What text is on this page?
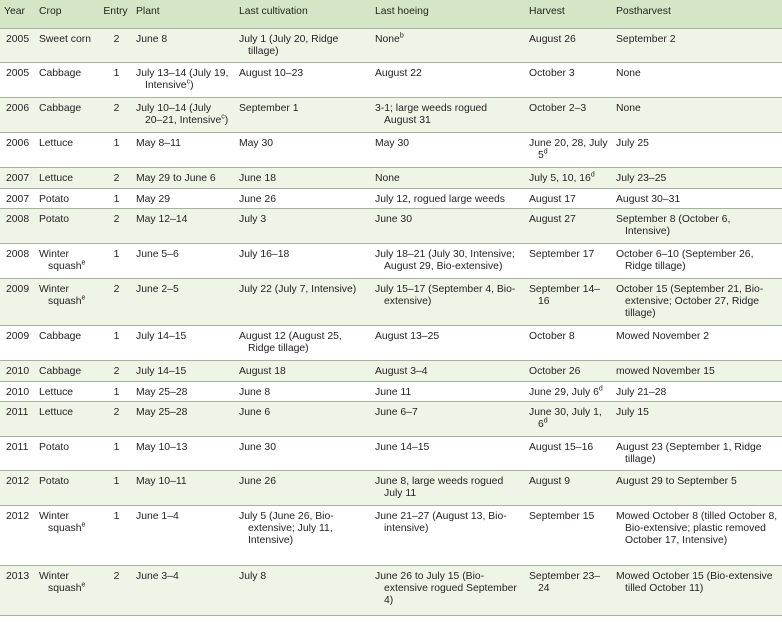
Year	Crop	Entry	Plant	Last cultivation	Last hoeing	Harvest	Postharvest

2005	Sweet corn	2	June 8	July 1 (July 20, Ridge tillage)	None$^b$	August 26	September 2

2005	Cabbage	1	July 13–14 (July 19, Intensive$^c$)	August 10–23	August 22	October 3	None

2006	Cabbage	2	July 10–14 (July 20–21, Intensive$^c$)	September 1	3-1; large weeds rogued August 31	October 2–3	None

2006	Lettuce	1	May 8–11	May 30	May 30	June 20, 28, July 5$^d$	July 25

2007	Lettuce	2	May 29 to June 6	June 18	None	July 5, 10, 16$^d$	July 23–25

2007	Potato	1	May 29	June 26	July 12, rogued large weeds	August 17	August 30–31

2008	Potato	2	May 12–14	July 3	June 30	August 27	September 8 (October 6, Intensive)

2008	Winter squash$^e$	1	June 5–6	July 16–18	July 18–21 (July 30, Intensive; August 29, Bio-extensive)	September 17	October 6–10 (September 26, Ridge tillage)

2009	Winter squash$^e$	2	June 2–5	July 22 (July 7, Intensive)	July 15–17 (September 4, Bio-extensive)	September 14–16	October 15 (September 21, Bio-extensive; October 27, Ridge tillage)

2009	Cabbage	1	July 14–15	August 12 (August 25, Ridge tillage)	August 13–25	October 8	Mowed November 2

2010	Cabbage	2	July 14–15	August 18	August 3–4	October 26	mowed November 15

2010	Lettuce	1	May 25–28	June 8	June 11	June 29, July 6$^d$	July 21–28

2011	Lettuce	2	May 25–28	June 6	June 6–7	June 30, July 1, 6$^d$	July 15

2011	Potato	1	May 10–13	June 30	June 14–15	August 15–16	August 23 (September 1, Ridge tillage)

2012	Potato	1	May 10–11	June 26	June 8, large weeds rogued July 11	August 9	August 29 to September 5

2012	Winter squash$^e$	1	June 1–4	July 5 (June 26, Bio-extensive; July 11, Intensive)	June 21–27 (August 13, Bio-intensive)	September 15	Mowed October 8 (tilled October 8, Bio-extensive; plastic removed October 17, Intensive)

2013	Winter squash$^e$	2	June 3–4	July 8	June 26 to July 15 (Bio-extensive rogued September 4)	September 23–24	Mowed October 15 (Bio-extensive tilled October 11)
